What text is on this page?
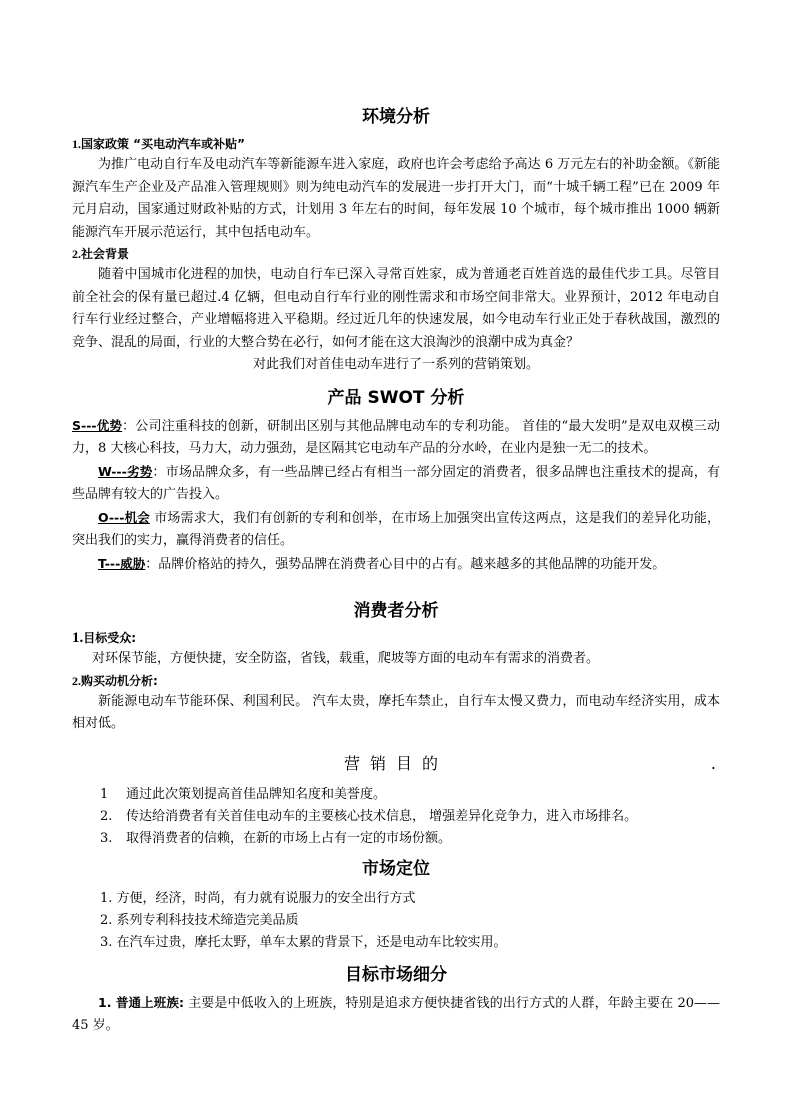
环境分析

1.国家政策 “买电动汽车或补贴”

为推广电动自行车及电动汽车等新能源车进入家庭，政府也许会考虑给予高达 6 万元左右的补助金额。《新能源汽车生产企业及产品准入管理规则》则为纯电动汽车的发展进一步打开大门，而“十城千辆工程”已在 2009 年元月启动，国家通过财政补贴的方式，计划用 3 年左右的时间，每年发展 10 个城市，每个城市推出 1000 辆新能源汽车开展示范运行，其中包括电动车。

2.社会背景

随着中国城市化进程的加快，电动自行车已深入寻常百姓家，成为普通老百姓首选的最佳代步工具。尽管目前全社会的保有量已超过.4 亿辆，但电动自行车行业的刚性需求和市场空间非常大。业界预计，2012 年电动自行车行业经过整合，产业增幅将进入平稳期。经过近几年的快速发展，如今电动车行业正处于春秋战国，激烈的竞争、混乱的局面，行业的大整合势在必行，如何才能在这大浪淘沙的浪潮中成为真金？

对此我们对首佳电动车进行了一系列的营销策划。

产品 SWOT 分析

S---优势：公司注重科技的创新，研制出区别与其他品牌电动车的专利功能。 首佳的“最大发明”是双电双模三动力，8 大核心科技，马力大，动力强劲，是区隔其它电动车产品的分水岭，在业内是独一无二的技术。

W---劣势：市场品牌众多，有一些品牌已经占有相当一部分固定的消费者，很多品牌也注重技术的提高，有些品牌有较大的广告投入。

O---机会 市场需求大，我们有创新的专利和创举，在市场上加强突出宣传这两点，这是我们的差异化功能，突出我们的实力，赢得消费者的信任。

T---威胁：品牌价格站的持久，强势品牌在消费者心目中的占有。越来越多的其他品牌的功能开发。

消费者分析

1.目标受众:

对环保节能，方便快捷，安全防盗，省钱，载重，爬坡等方面的电动车有需求的消费者。

2.购买动机分析:

新能源电动车节能环保、利国利民。 汽车太贵，摩托车禁止，自行车太慢又费力，而电动车经济实用，成本相对低。

营销目的	.
1 通过此次策划提高首佳品牌知名度和美誉度。
2. 传达给消费者有关首佳电动车的主要核心技术信息， 增强差异化竞争力，进入市场排名。
3. 取得消费者的信赖，在新的市场上占有一定的市场份额。
市场定位
1. 方便，经济，时尚，有力就有说服力的安全出行方式
2. 系列专利科技技术缔造完美品质
3. 在汽车过贵，摩托太野，单车太累的背景下，还是电动车比较实用。
目标市场细分

1. 普通上班族: 主要是中低收入的上班族，特别是追求方便快捷省钱的出行方式的人群，年龄主要在 20——45 岁。
